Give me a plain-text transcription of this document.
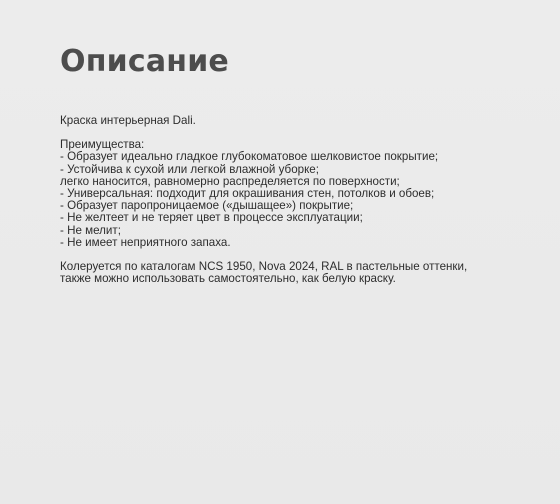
Описание

Краска интерьерная Dali.

Преимущества:

- Образует идеально гладкое глубокоматовое шелковистое покрытие;
- Устойчива к сухой или легкой влажной уборке;
легко наносится, равномерно распределяется по поверхности;
- Универсальная: подходит для окрашивания стен, потолков и обоев;
- Образует паропроницаемое («дышащее») покрытие;
- Не желтеет и не теряет цвет в процессе эксплуатации;
- Не мелит;
- Не имеет неприятного запаха.

Колеруется по каталогам NCS 1950, Nova 2024, RAL в пастельные оттенки, также можно использовать самостоятельно, как белую краску.
